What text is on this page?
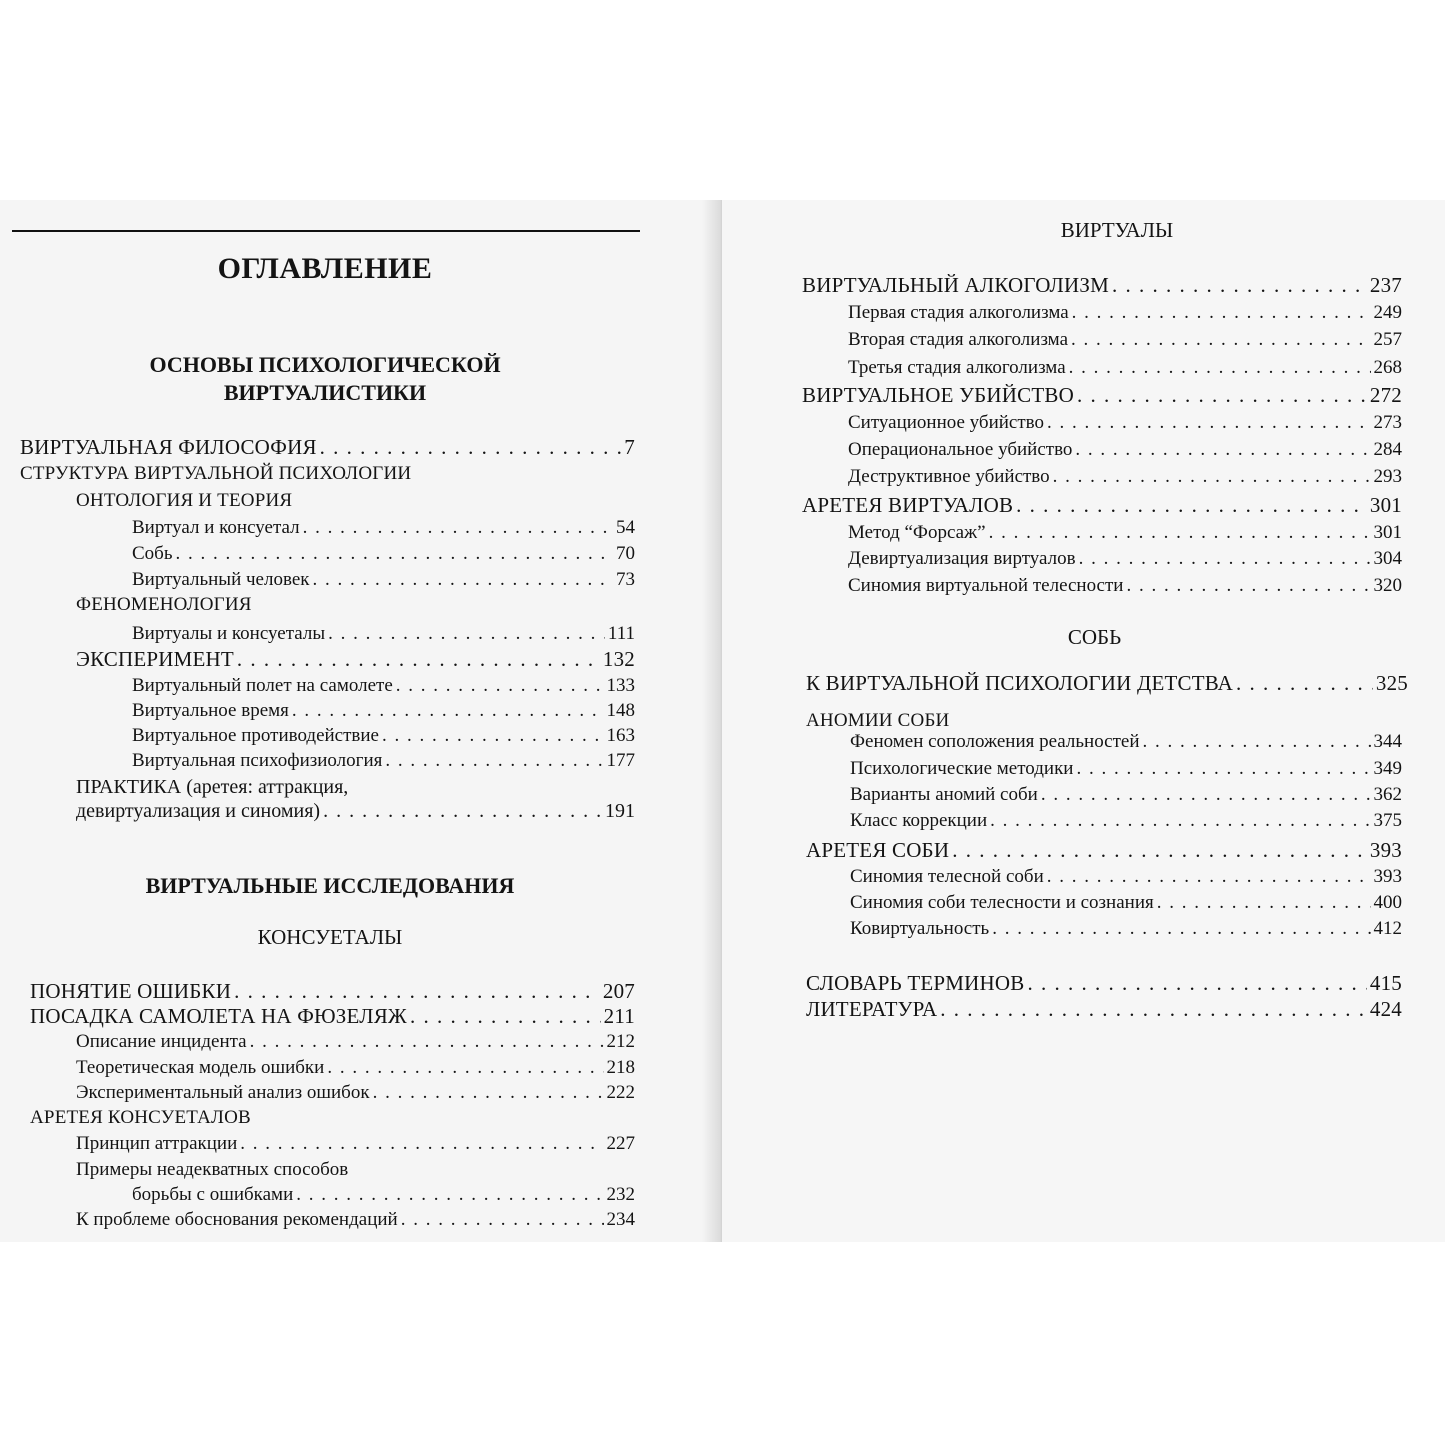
ОГЛАВЛЕНИЕ
ОСНОВЫ ПСИХОЛОГИЧЕСКОЙ
ВИРТУАЛИСТИКИ
ВИРТУАЛЬНАЯ ФИЛОСОФИЯ . . .	7
СТРУКТУРА ВИРТУАЛЬНОЙ ПСИХОЛОГИИ
ОНТОЛОГИЯ И ТЕОРИЯ
Виртуал и консуетал . . .	54
Собь . . .	70
Виртуальный человек . . .	73
ФЕНОМЕНОЛОГИЯ
Виртуалы и консуеталы . . .	111
ЭКСПЕРИМЕНТ . . .	132
Виртуальный полет на самолете . . .	133
Виртуальное время . . .	148
Виртуальное противодействие . . .	163
Виртуальная психофизиология . . .	177
ПРАКТИКА (аретея: аттракция,
девиртуализация и синомия) . . .	191
ВИРТУАЛЬНЫЕ ИССЛЕДОВАНИЯ
КОНСУЕТАЛЫ
ПОНЯТИЕ ОШИБКИ . . .	207
ПОСАДКА САМОЛЕТА НА ФЮЗЕЛЯЖ . . .	211
Описание инцидента . . .	212
Теоретическая модель ошибки . . .	218
Экспериментальный анализ ошибок . . .	222
АРЕТЕЯ КОНСУЕТАЛОВ
Принцип аттракции . . .	227
Примеры неадекватных способов
борьбы с ошибками . . .	232
К проблеме обоснования рекомендаций . . .	234
ВИРТУАЛЫ
ВИРТУАЛЬНЫЙ АЛКОГОЛИЗМ . . .	237
Первая стадия алкоголизма . . .	249
Вторая стадия алкоголизма . . .	257
Третья стадия алкоголизма . . .	268
ВИРТУАЛЬНОЕ УБИЙСТВО . . .	272
Ситуационное убийство . . .	273
Операциональное убийство . . .	284
Деструктивное убийство . . .	293
АРЕТЕЯ ВИРТУАЛОВ . . .	301
Метод “Форсаж” . . .	301
Девиртуализация виртуалов . . .	304
Синомия виртуальной телесности . . .	320
СОБЬ
К ВИРТУАЛЬНОЙ ПСИХОЛОГИИ ДЕТСТВА . . .	325
АНОМИИ СОБИ
Феномен соположения реальностей . . .	344
Психологические методики . . .	349
Варианты аномий соби . . .	362
Класс коррекции . . .	375
АРЕТЕЯ СОБИ . . .	393
Синомия телесной соби . . .	393
Синомия соби телесности и сознания . . .	400
Ковиртуальность . . .	412
СЛОВАРЬ ТЕРМИНОВ . . .	415
ЛИТЕРАТУРА . . .	424
